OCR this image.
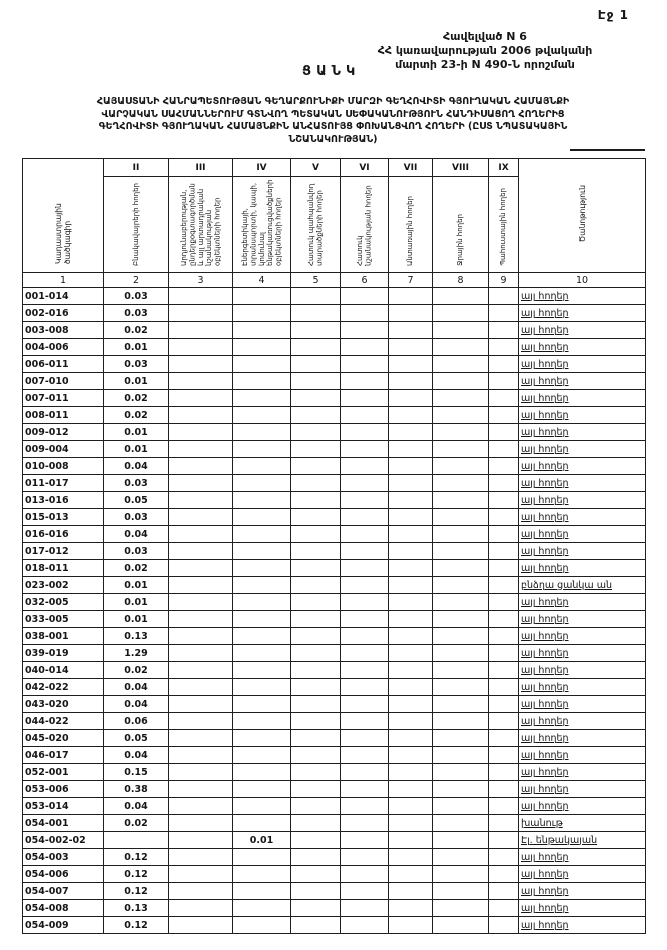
Էջ 1
Հավելված N 6
ՀՀ կառավարության 2006 թվականի
մարտի 23-ի N 490-Ն որոշման
ՑԱՆԿ
ՀԱՅԱՍՏԱՆԻ ՀԱՆՐԱՊԵՏՈՒԹՅԱՆ ԳԵՂԱՐՔՈՒՆԻՔԻ ՄԱՐԶԻ ԳԵՂՀՈՎԻՏԻ ԳՅՈՒՂԱԿԱՆ ՀԱՄԱՅՆՔԻ
ՎԱՐՉԱԿԱՆ ՍԱՀՄԱՆՆԵՐՈՒՄ ԳՏՆՎՈՂ ՊԵՏԱԿԱՆ ՍԵՓԱԿԱՆՈՒԹՅՈՒՆ ՀԱՆԴԻՍԱՑՈՂ ՀՈՂԵՐԻՑ
ԳԵՂՀՈՎԻՏԻ ԳՅՈՒՂԱԿԱՆ ՀԱՄԱՅՆՔԻՆ ԱՆՀԱՏՈՒՅՑ ՓՈԽԱՆՑՎՈՂ ՀՈՂԵՐԻ (ԸՍՏ ՆՊԱՏԱԿԱՅԻՆ
ՆՇԱՆԱԿՈՒԹՅԱՆ)
Կադաստրային ծածկագիր	II	III	IV	V	VI	VII	VIII	IX	Ծանոթություն
	Բնակավայրերի հողեր	Արդյունաբերության, ընդերքօգտագործման և այլ արտադրական նշանակության օբյեկտների հողեր	Էներգետիկայի, տրանսպորտի, կապի, կոմունալ ենթակառուցվածքների օբյեկտների հողեր	Հատուկ պահպանվող տարածքների հողեր	Հատուկ նշանակության հողեր	Անտառային հողեր	Ջրային հողեր	Պահուստային հողեր	
1	2	3	4	5	6	7	8	9	10
001-014	0.03								այլ հողեր
002-016	0.03								այլ հողեր
003-008	0.02								այլ հողեր
004-006	0.01								այլ հողեր
006-011	0.03								այլ հողեր
007-010	0.01								այլ հողեր
007-011	0.02								այլ հողեր
008-011	0.02								այլ հողեր
009-012	0.01								այլ հողեր
009-004	0.01								այլ հողեր
010-008	0.04								այլ հողեր
011-017	0.03								այլ հողեր
013-016	0.05								այլ հողեր
015-013	0.03								այլ հողեր
016-016	0.04								այլ հողեր
017-012	0.03								այլ հողեր
018-011	0.02								այլ հողեր
023-002	0.01								բնձղա ցանկա ան
032-005	0.01								այլ հողեր
033-005	0.01								այլ հողեր
038-001	0.13								այլ հողեր
039-019	1.29								այլ հողեր
040-014	0.02								այլ հողեր
042-022	0.04								այլ հողեր
043-020	0.04								այլ հողեր
044-022	0.06								այլ հողեր
045-020	0.05								այլ հողեր
046-017	0.04								այլ հողեր
052-001	0.15								այլ հողեր
053-006	0.38								այլ հողեր
053-014	0.04								այլ հողեր
054-001	0.02								խանութ
054-002-02			0.01						Էլ. ենթակայան
054-003	0.12								այլ հողեր
054-006	0.12								այլ հողեր
054-007	0.12								այլ հողեր
054-008	0.13								այլ հողեր
054-009	0.12								այլ հողեր
